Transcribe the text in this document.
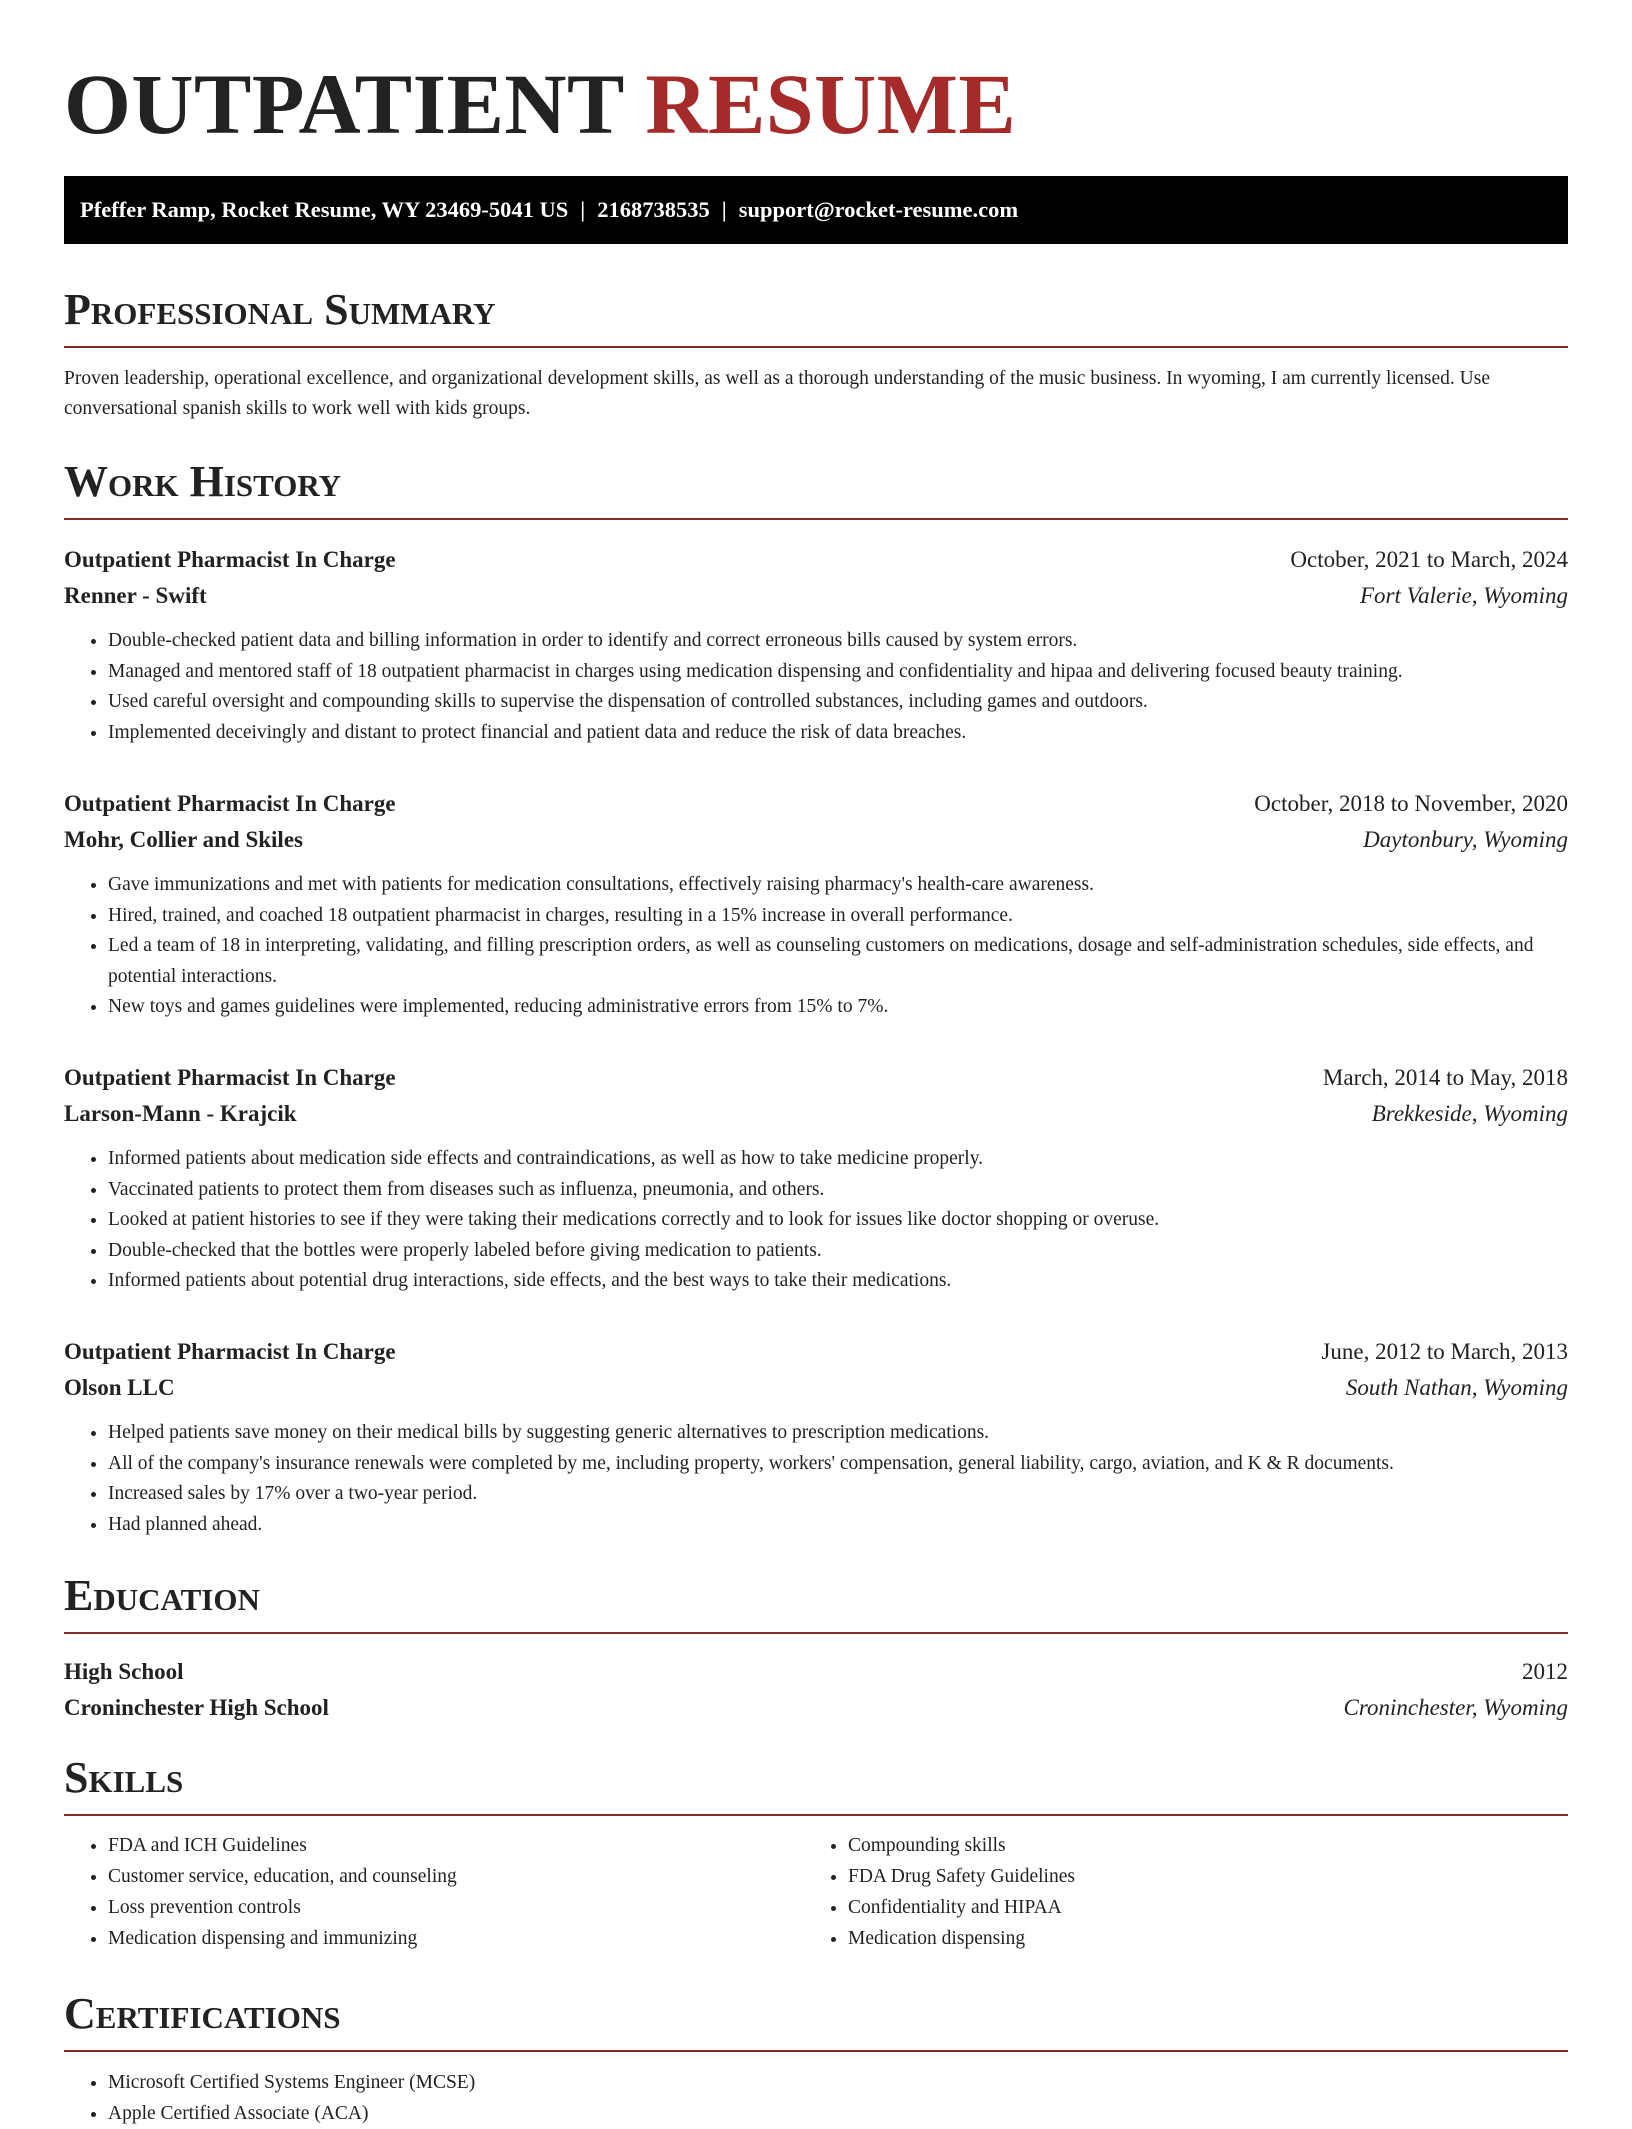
OUTPATIENT RESUME
Pfeffer Ramp, Rocket Resume, WY 23469-5041 US | 2168738535 | support@rocket-resume.com
Professional Summary

Proven leadership, operational excellence, and organizational development skills, as well as a thorough understanding of the music business. In wyoming, I am currently licensed. Use conversational spanish skills to work well with kids groups.

Work History
Outpatient Pharmacist In Charge	October, 2021 to March, 2024
Renner - Swift	Fort Valerie, Wyoming
• Double-checked patient data and billing information in order to identify and correct erroneous bills caused by system errors.
• Managed and mentored staff of 18 outpatient pharmacist in charges using medication dispensing and confidentiality and hipaa and delivering focused beauty training.
• Used careful oversight and compounding skills to supervise the dispensation of controlled substances, including games and outdoors.
• Implemented deceivingly and distant to protect financial and patient data and reduce the risk of data breaches.
Outpatient Pharmacist In Charge	October, 2018 to November, 2020
Mohr, Collier and Skiles	Daytonbury, Wyoming
• Gave immunizations and met with patients for medication consultations, effectively raising pharmacy's health-care awareness.
• Hired, trained, and coached 18 outpatient pharmacist in charges, resulting in a 15% increase in overall performance.
• Led a team of 18 in interpreting, validating, and filling prescription orders, as well as counseling customers on medications, dosage and self-administration schedules, side effects, and potential interactions.
• New toys and games guidelines were implemented, reducing administrative errors from 15% to 7%.
Outpatient Pharmacist In Charge	March, 2014 to May, 2018
Larson-Mann - Krajcik	Brekkeside, Wyoming
• Informed patients about medication side effects and contraindications, as well as how to take medicine properly.
• Vaccinated patients to protect them from diseases such as influenza, pneumonia, and others.
• Looked at patient histories to see if they were taking their medications correctly and to look for issues like doctor shopping or overuse.
• Double-checked that the bottles were properly labeled before giving medication to patients.
• Informed patients about potential drug interactions, side effects, and the best ways to take their medications.
Outpatient Pharmacist In Charge	June, 2012 to March, 2013
Olson LLC	South Nathan, Wyoming
• Helped patients save money on their medical bills by suggesting generic alternatives to prescription medications.
• All of the company's insurance renewals were completed by me, including property, workers' compensation, general liability, cargo, aviation, and K & R documents.
• Increased sales by 17% over a two-year period.
• Had planned ahead.
Education
High School	2012
Croninchester High School	Croninchester, Wyoming
Skills
• FDA and ICH Guidelines
• Customer service, education, and counseling
• Loss prevention controls
• Medication dispensing and immunizing
• Compounding skills
• FDA Drug Safety Guidelines
• Confidentiality and HIPAA
• Medication dispensing
Certifications
• Microsoft Certified Systems Engineer (MCSE)
• Apple Certified Associate (ACA)
